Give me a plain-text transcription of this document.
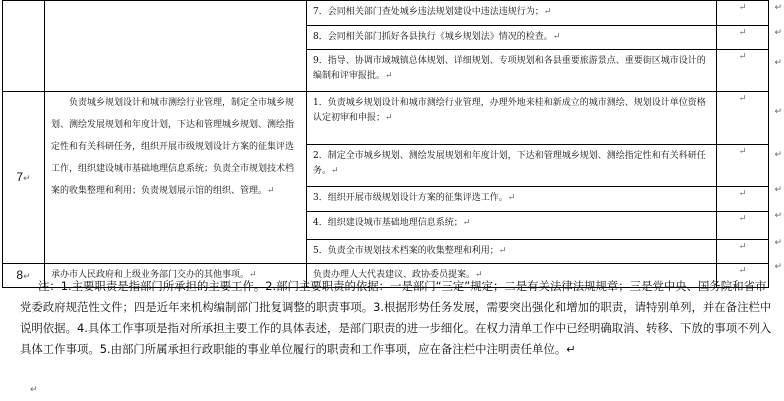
		7．会同相关部门查处城乡违法规划建设中违法违规行为；↵	↵
		8．会同相关部门抓好各县执行《城乡规划法》情况的检查。↵	↵
		9．指导、协调市域城镇总体规划、详细规划、专项规划和各县重要旅游景点、重要街区城市设计的编制和评审报批。↵	↵
7↵	负责城乡规划设计和城市测绘行业管理，制定全市城乡规划、测绘发展规划和年度计划，下达和管理城乡规划、测绘指定性和有关科研任务，组织开展市级规划设计方案的征集评选工作，组织建设城市基础地理信息系统；负责全市规划技术档案的收集整理和利用；负责规划展示馆的组织、管理。↵	1．负责城乡规划设计和城市测绘行业管理，办理外地来桂和新成立的城市测绘、规划设计单位资格认定初审和申报；↵	↵
		2．制定全市城乡规划、测绘发展规划和年度计划，下达和管理城乡规划、测绘指定性和有关科研任务。↵	↵
		3．组织开展市级规划设计方案的征集评选工作。↵	↵
		4．组织建设城市基础地理信息系统；↵	↵
		5．负责全市规划技术档案的收集整理和利用；↵	↵
8↵	承办市人民政府和上级业务部门交办的其他事项。↵	负责办理人大代表建议、政协委员提案。↵	↵
↵
↵
↵
↵
↵
↵
↵
↵
↵
注：1.主要职责是指部门所承担的主要工作。2.部门主要职责的依据：一是部门“三定”规定；二是有关法律法规规章；三是党中央、国务院和省市党委政府规范性文件；四是近年来机构编制部门批复调整的职责事项。3.根据形势任务发展，需要突出强化和增加的职责，请特别单列，并在备注栏中说明依据。4.具体工作事项是指对所承担主要工作的具体表述，是部门职责的进一步细化。在权力清单工作中已经明确取消、转移、下放的事项不列入具体工作事项。5.由部门所属承担行政职能的事业单位履行的职责和工作事项，应在备注栏中注明责任单位。↵
↵
